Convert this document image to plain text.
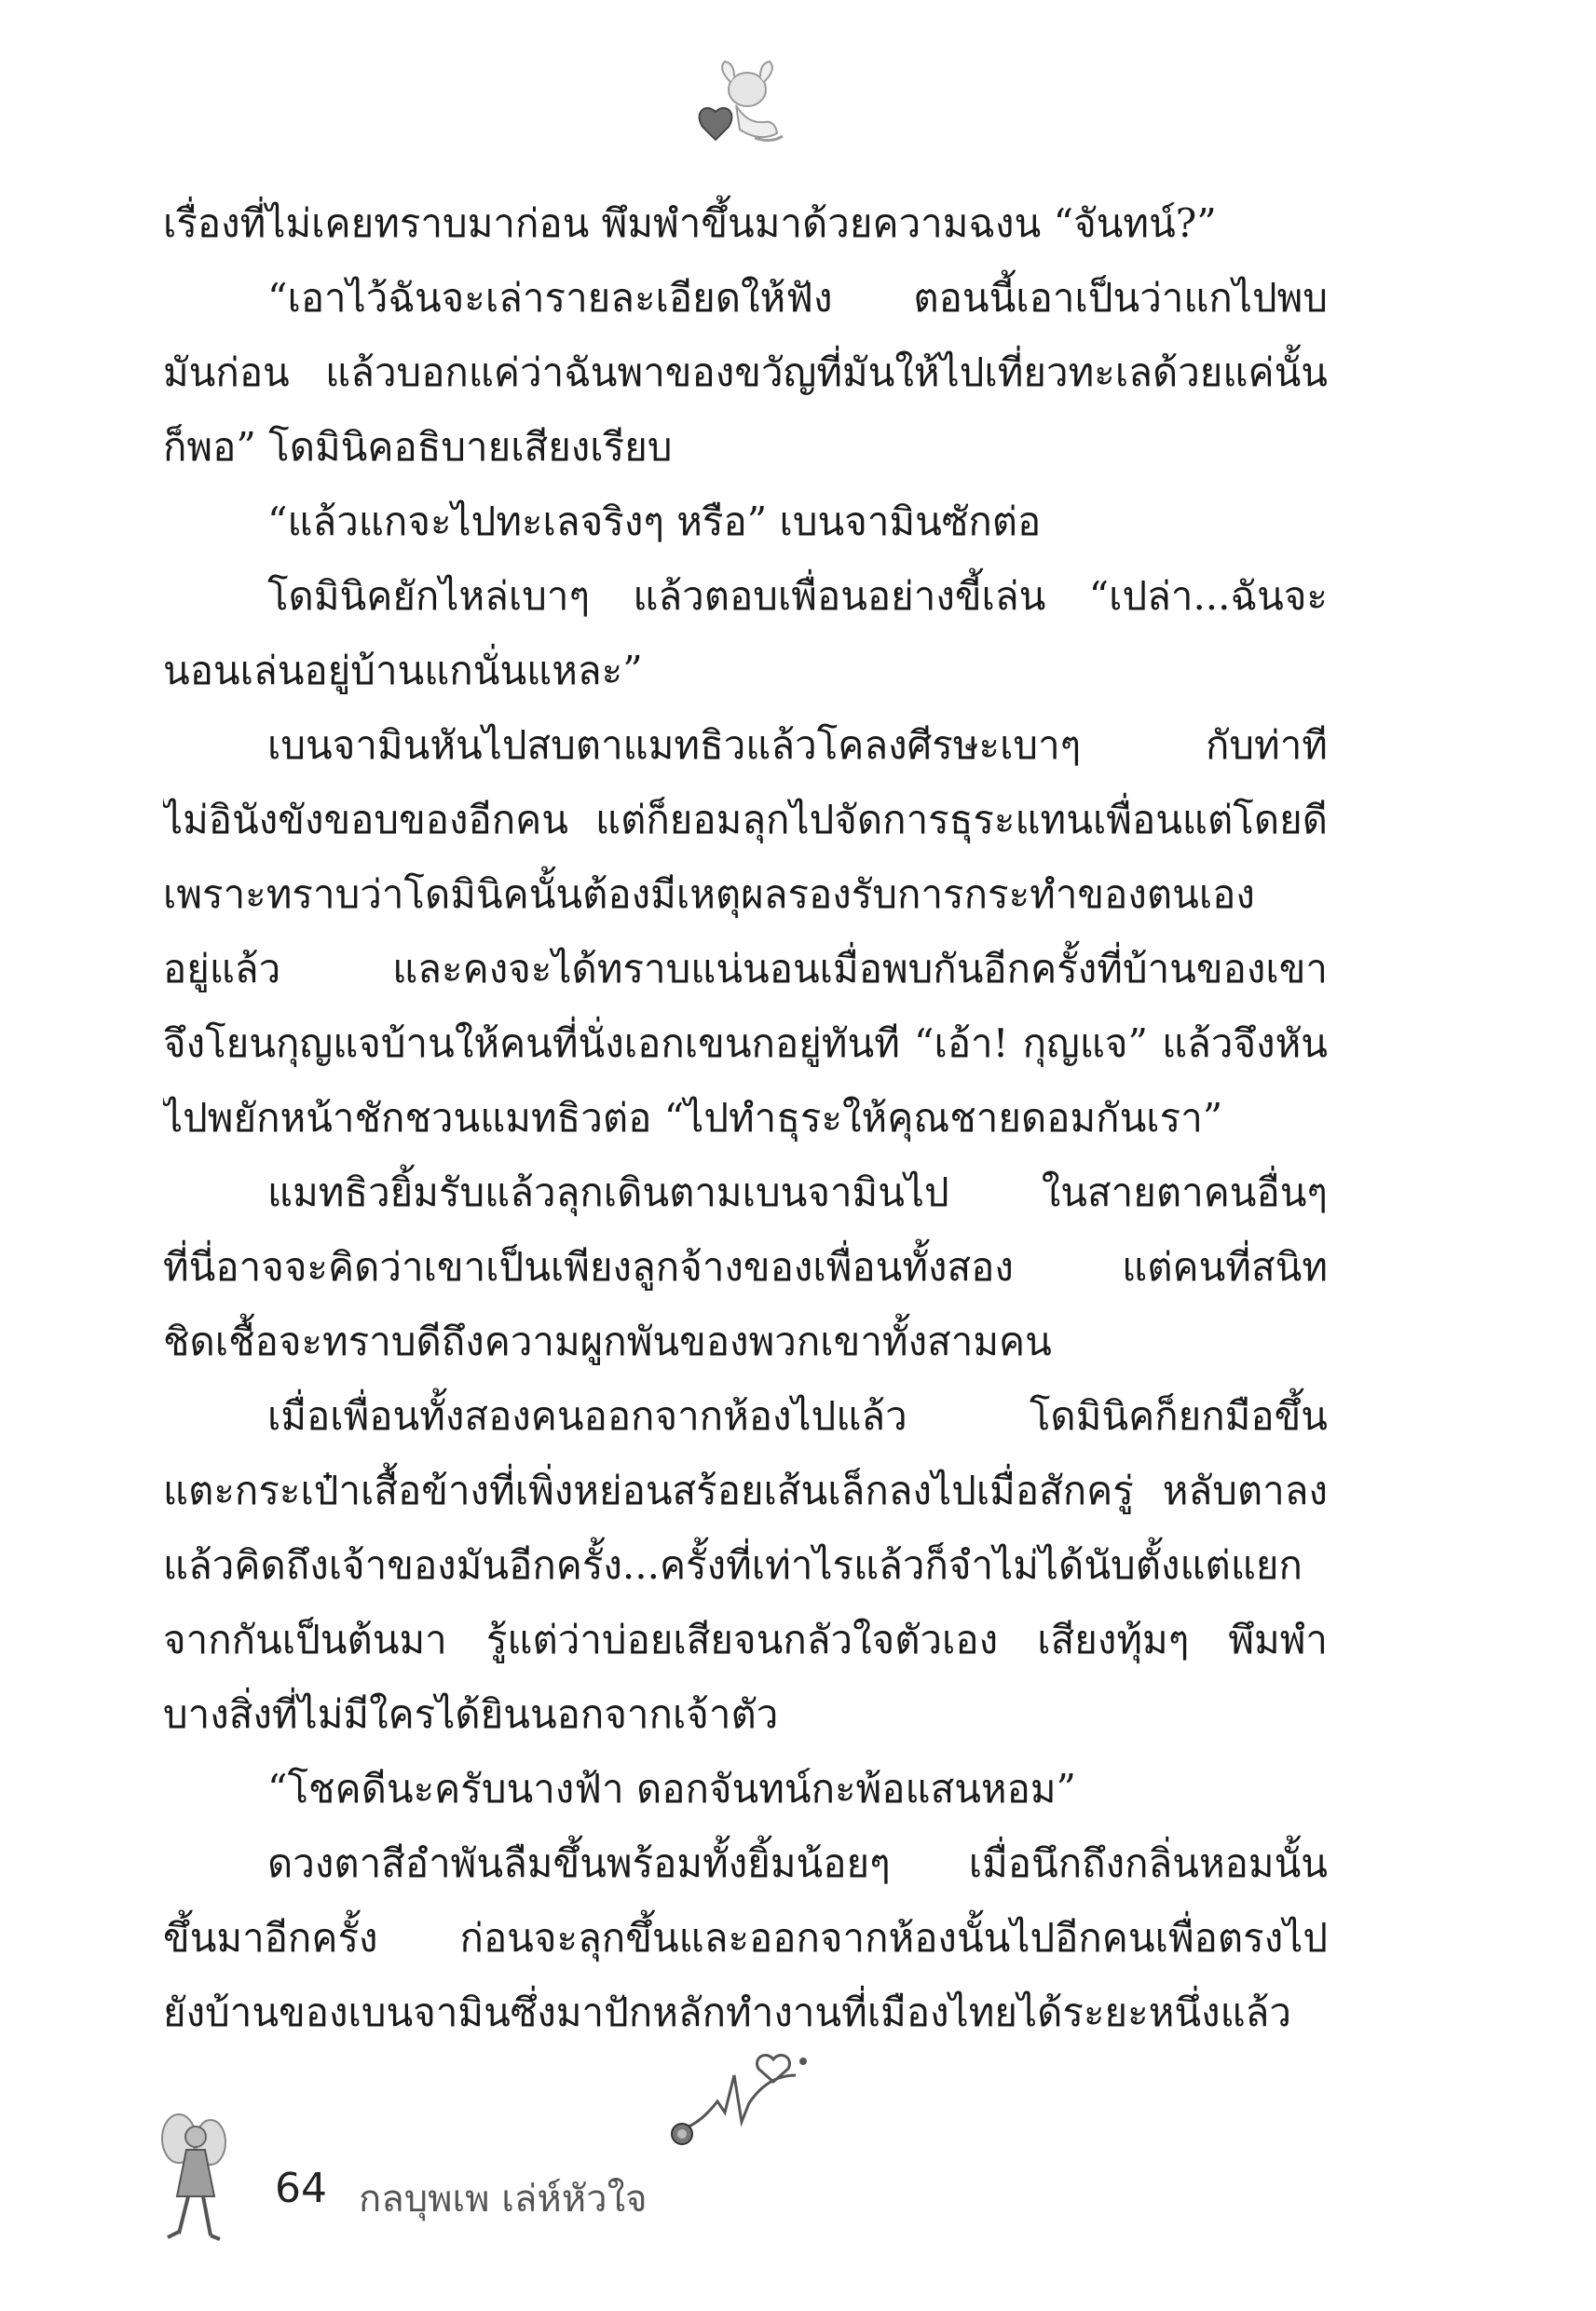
เรื่องที่ไม่เคยทราบมาก่อน พึมพำขึ้นมาด้วยความฉงน “จันทน์?”
“เอาไว้ฉันจะเล่ารายละเอียดให้ฟัง ตอนนี้เอาเป็นว่าแกไปพบ
มันก่อน แล้วบอกแค่ว่าฉันพาของขวัญที่มันให้ไปเที่ยวทะเลด้วยแค่นั้น
ก็พอ” โดมินิคอธิบายเสียงเรียบ
“แล้วแกจะไปทะเลจริงๆ หรือ” เบนจามินซักต่อ
โดมินิคยักไหล่เบาๆ แล้วตอบเพื่อนอย่างขี้เล่น “เปล่า...ฉันจะ
นอนเล่นอยู่บ้านแกนั่นแหละ”
เบนจามินหันไปสบตาแมทธิวแล้วโคลงศีรษะเบาๆ กับท่าที
ไม่อินังขังขอบของอีกคน แต่ก็ยอมลุกไปจัดการธุระแทนเพื่อนแต่โดยดี
เพราะทราบว่าโดมินิคนั้นต้องมีเหตุผลรองรับการกระทำของตนเอง
อยู่แล้ว และคงจะได้ทราบแน่นอนเมื่อพบกันอีกครั้งที่บ้านของเขา
จึงโยนกุญแจบ้านให้คนที่นั่งเอกเขนกอยู่ทันที “เอ้า! กุญแจ” แล้วจึงหัน
ไปพยักหน้าชักชวนแมทธิวต่อ “ไปทำธุระให้คุณชายดอมกันเรา”
แมทธิวยิ้มรับแล้วลุกเดินตามเบนจามินไป ในสายตาคนอื่นๆ
ที่นี่อาจจะคิดว่าเขาเป็นเพียงลูกจ้างของเพื่อนทั้งสอง แต่คนที่สนิท
ชิดเชื้อจะทราบดีถึงความผูกพันของพวกเขาทั้งสามคน
เมื่อเพื่อนทั้งสองคนออกจากห้องไปแล้ว โดมินิคก็ยกมือขึ้น
แตะกระเป๋าเสื้อข้างที่เพิ่งหย่อนสร้อยเส้นเล็กลงไปเมื่อสักครู่ หลับตาลง
แล้วคิดถึงเจ้าของมันอีกครั้ง...ครั้งที่เท่าไรแล้วก็จำไม่ได้นับตั้งแต่แยก
จากกันเป็นต้นมา รู้แต่ว่าบ่อยเสียจนกลัวใจตัวเอง เสียงทุ้มๆ พึมพำ
บางสิ่งที่ไม่มีใครได้ยินนอกจากเจ้าตัว
“โชคดีนะครับนางฟ้า ดอกจันทน์กะพ้อแสนหอม”
ดวงตาสีอำพันลืมขึ้นพร้อมทั้งยิ้มน้อยๆ เมื่อนึกถึงกลิ่นหอมนั้น
ขึ้นมาอีกครั้ง ก่อนจะลุกขึ้นและออกจากห้องนั้นไปอีกคนเพื่อตรงไป
ยังบ้านของเบนจามินซึ่งมาปักหลักทำงานที่เมืองไทยได้ระยะหนึ่งแล้ว
64 กลบุพเพ เล่ห์หัวใจ
